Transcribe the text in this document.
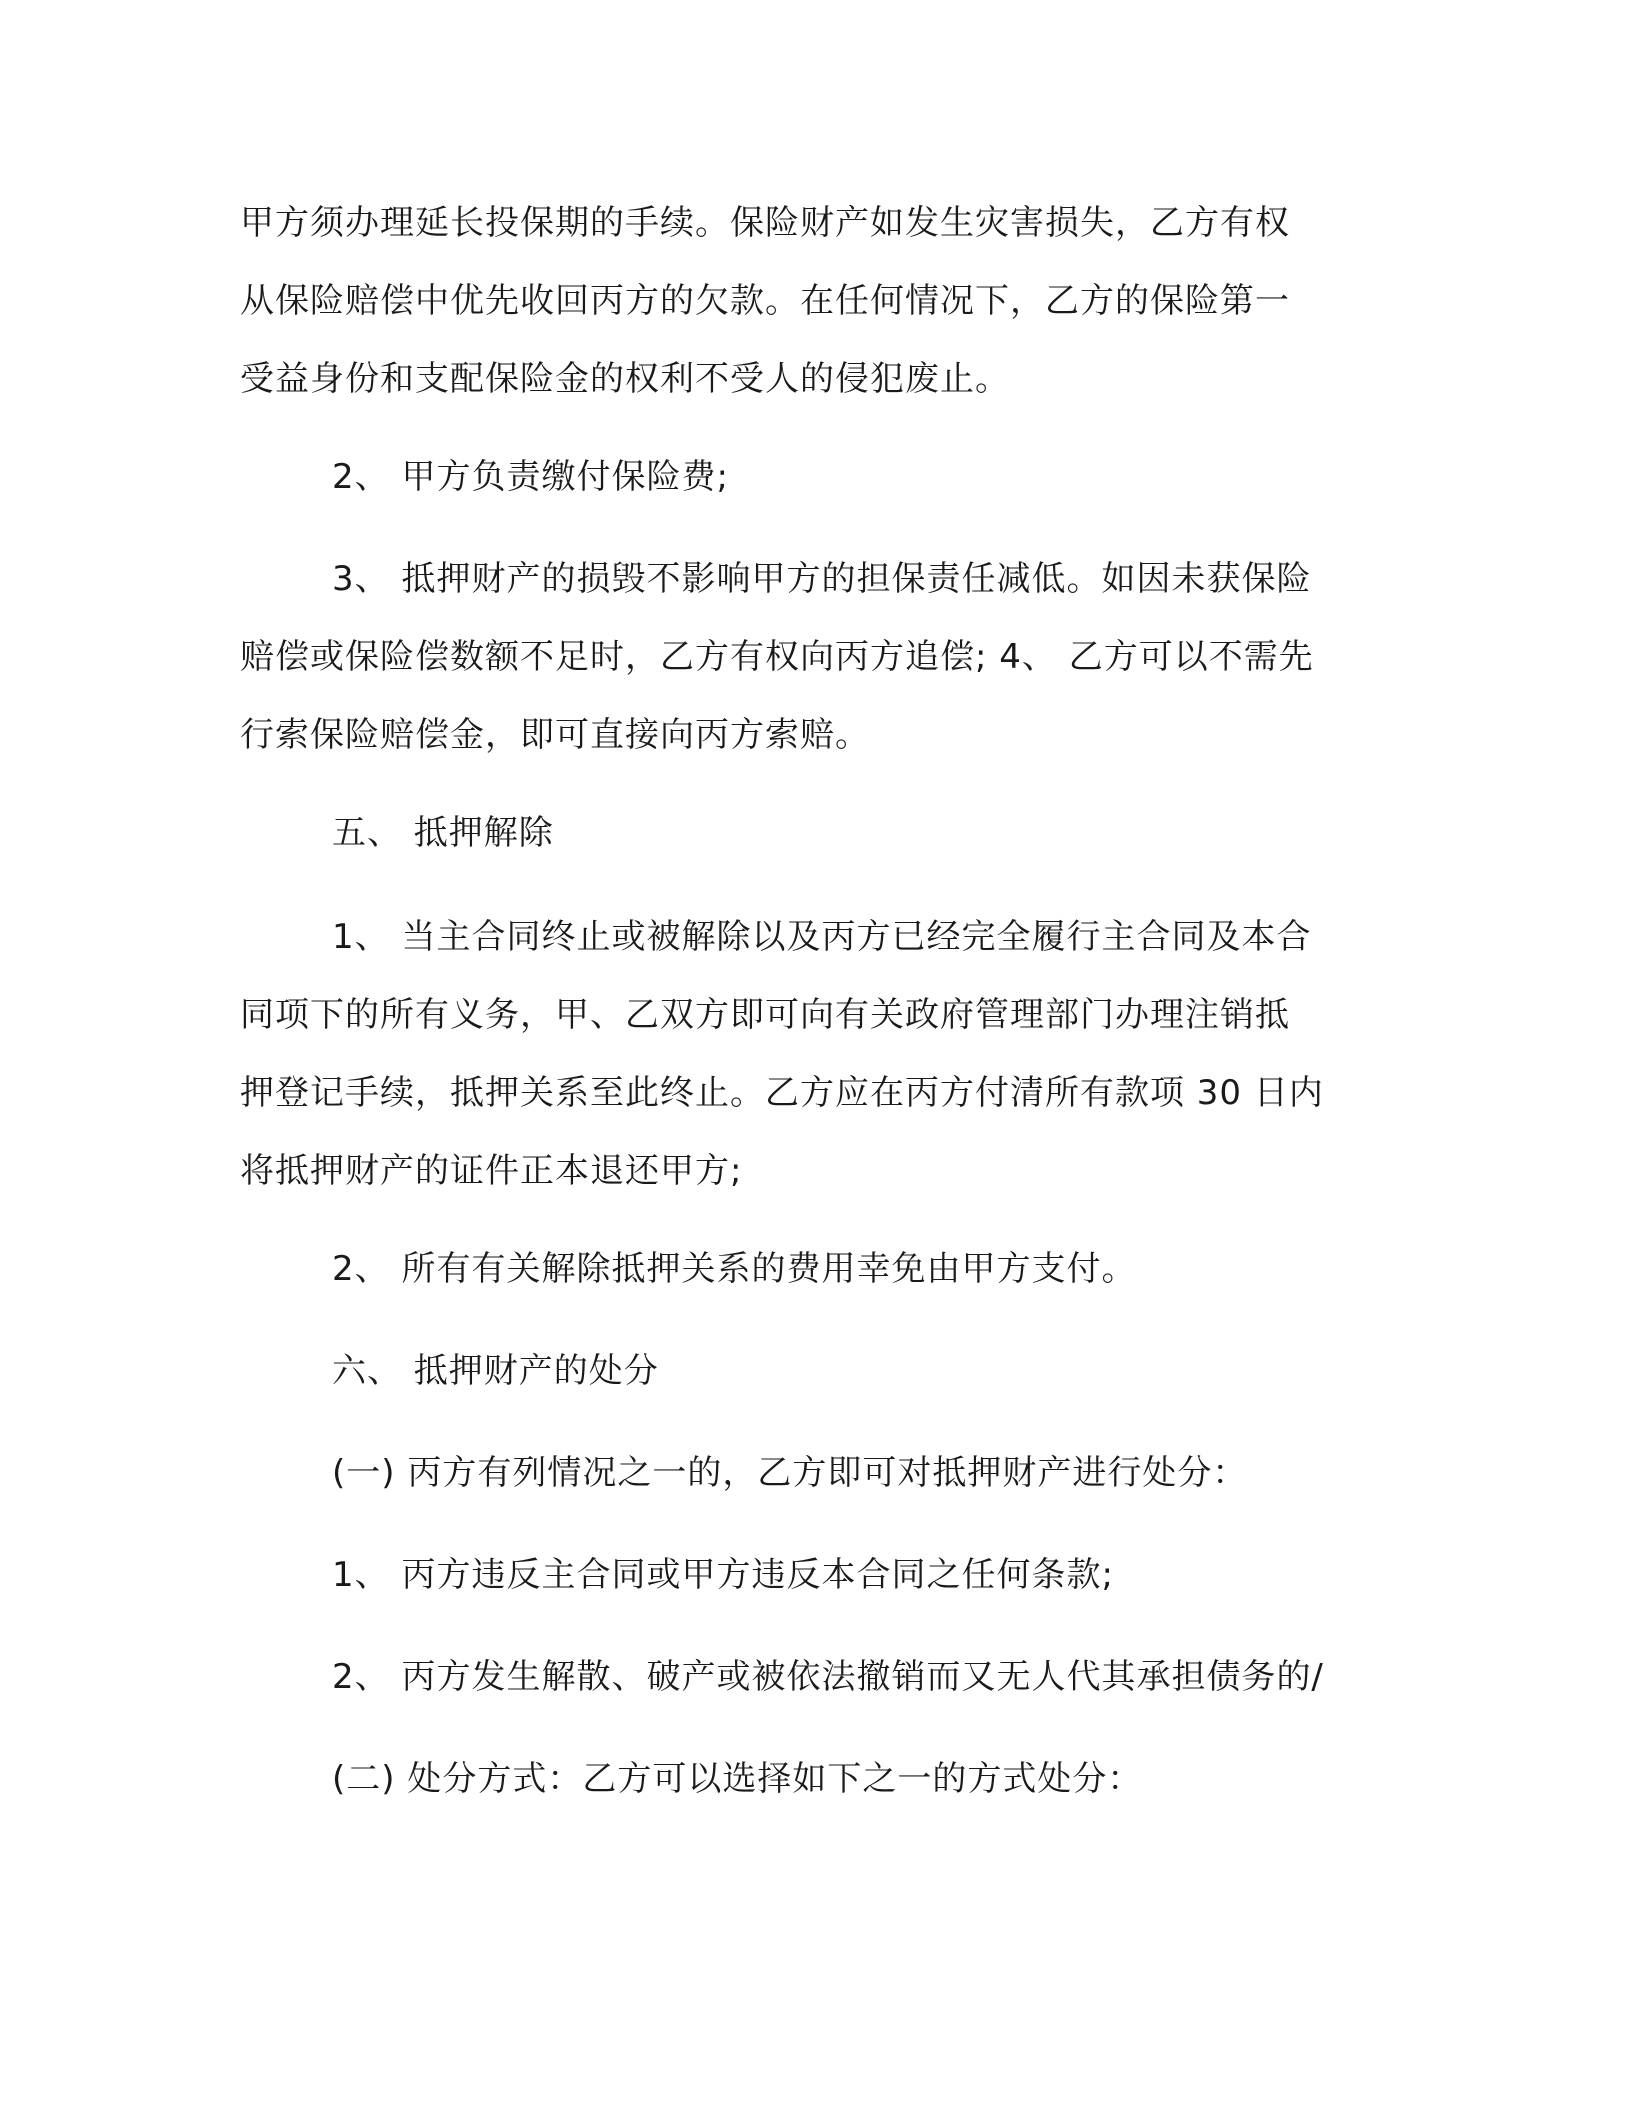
甲方须办理延长投保期的手续。保险财产如发生灾害损失，乙方有权
从保险赔偿中优先收回丙方的欠款。在任何情况下，乙方的保险第一
受益身份和支配保险金的权利不受人的侵犯废止。

2、 甲方负责缴付保险费;

3、 抵押财产的损毁不影响甲方的担保责任减低。如因未获保险
赔偿或保险偿数额不足时，乙方有权向丙方追偿; 4、 乙方可以不需先
行索保险赔偿金，即可直接向丙方索赔。

五、 抵押解除

1、 当主合同终止或被解除以及丙方已经完全履行主合同及本合
同项下的所有义务，甲、乙双方即可向有关政府管理部门办理注销抵
押登记手续，抵押关系至此终止。乙方应在丙方付清所有款项 30 日内
将抵押财产的证件正本退还甲方;

2、 所有有关解除抵押关系的费用幸免由甲方支付。

六、 抵押财产的处分

(一) 丙方有列情况之一的，乙方即可对抵押财产进行处分：

1、 丙方违反主合同或甲方违反本合同之任何条款;

2、 丙方发生解散、破产或被依法撤销而又无人代其承担债务的/

(二) 处分方式：乙方可以选择如下之一的方式处分：
